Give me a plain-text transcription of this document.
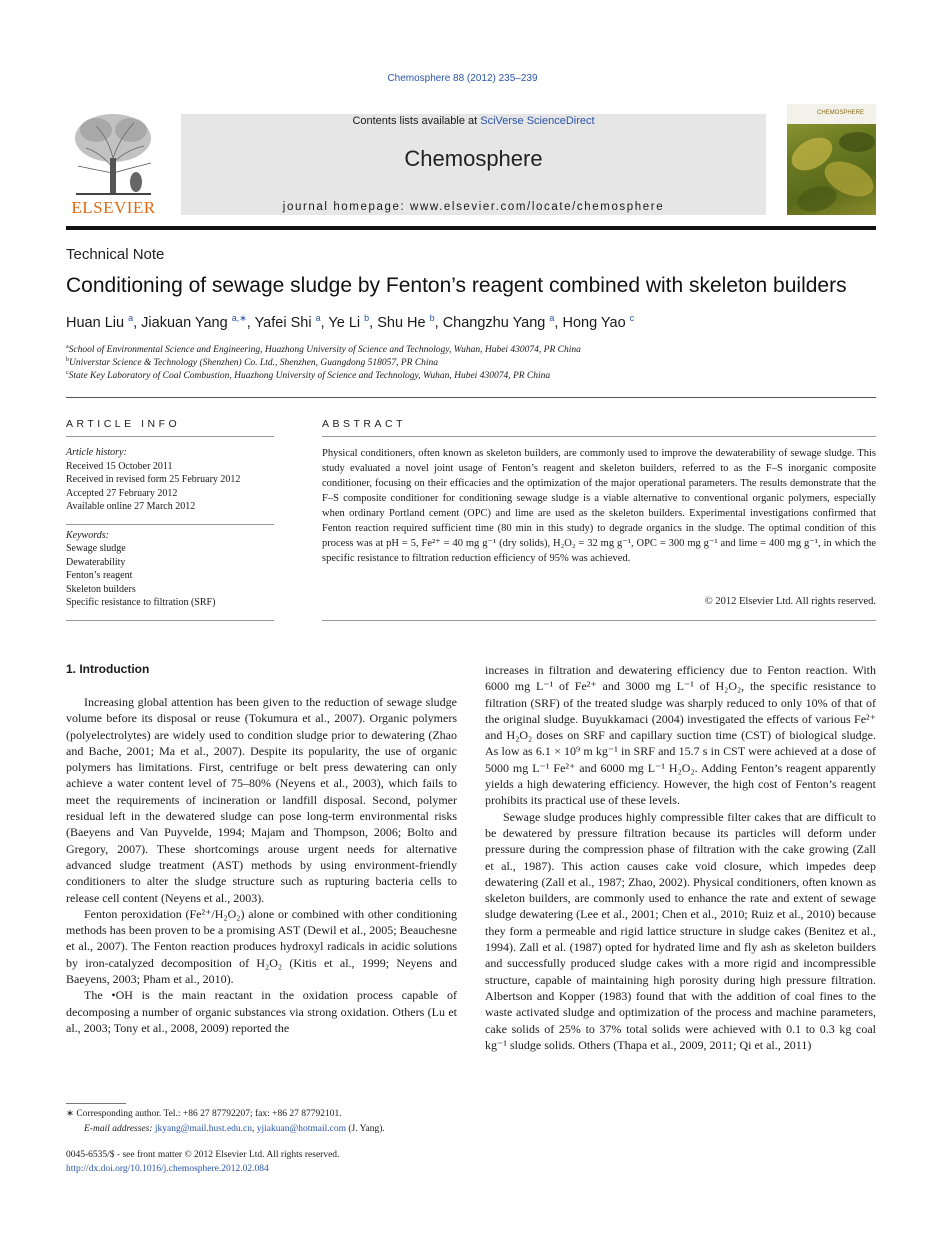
Chemosphere 88 (2012) 235–239
ELSEVIER
Contents lists available at SciVerse ScienceDirect
Chemosphere
journal homepage: www.elsevier.com/locate/chemosphere
CHEMOSPHERE
Technical Note
Conditioning of sewage sludge by Fenton’s reagent combined with skeleton builders
Huan Liu $^a$, Jiakuan Yang $^{a,∗}$, Yafei Shi $^a$, Ye Li $^b$, Shu He $^b$, Changzhu Yang $^a$, Hong Yao $^c$
$^a$School of Environmental Science and Engineering, Huazhong University of Science and Technology, Wuhan, Hubei 430074, PR China
$^b$Universtar Science & Technology (Shenzhen) Co. Ltd., Shenzhen, Guangdong 518057, PR China
$^c$State Key Laboratory of Coal Combustion, Huazhong University of Science and Technology, Wuhan, Hubei 430074, PR China
ARTICLE INFO
Article history:
Received 15 October 2011
Received in revised form 25 February 2012
Accepted 27 February 2012
Available online 27 March 2012
Keywords:
Sewage sludge
Dewaterability
Fenton’s reagent
Skeleton builders
Specific resistance to filtration (SRF)
ABSTRACT
Physical conditioners, often known as skeleton builders, are commonly used to improve the dewaterability of sewage sludge. This study evaluated a novel joint usage of Fenton’s reagent and skeleton builders, referred to as the F–S inorganic composite conditioner, focusing on their efficacies and the optimization of the major operational parameters. The results demonstrate that the F–S composite conditioner for conditioning sewage sludge is a viable alternative to conventional organic polymers, especially when ordinary Portland cement (OPC) and lime are used as the skeleton builders. Experimental investigations confirmed that Fenton reaction required sufficient time (80 min in this study) to degrade organics in the sludge. The optimal condition of this process was at pH = 5, Fe²⁺ = 40 mg g⁻¹ (dry solids), H₂O₂ = 32 mg g⁻¹, OPC = 300 mg g⁻¹ and lime = 400 mg g⁻¹, in which the specific resistance to filtration reduction efficiency of 95% was achieved.
© 2012 Elsevier Ltd. All rights reserved.
1. Introduction

Increasing global attention has been given to the reduction of sewage sludge volume before its disposal or reuse (Tokumura et al., 2007). Organic polymers (polyelectrolytes) are widely used to condition sludge prior to dewatering (Zhao and Bache, 2001; Ma et al., 2007). Despite its popularity, the use of organic polymers has limitations. First, centrifuge or belt press dewatering can only achieve a water content level of 75–80% (Neyens et al., 2003), which fails to meet the requirements of incineration or landfill disposal. Second, polymer residual left in the dewatered sludge can pose long-term environmental risks (Baeyens and Van Puyvelde, 1994; Majam and Thompson, 2006; Bolto and Gregory, 2007). These shortcomings arouse urgent needs for alternative advanced sludge treatment (AST) methods by using environment-friendly conditioners to alter the sludge structure such as rupturing bacteria cells to release cell content (Neyens et al., 2003).

Fenton peroxidation (Fe²⁺/H₂O₂) alone or combined with other conditioning methods has been proven to be a promising AST (Dewil et al., 2005; Beauchesne et al., 2007). The Fenton reaction produces hydroxyl radicals in acidic solutions by iron-catalyzed decomposition of H₂O₂ (Kitis et al., 1999; Neyens and Baeyens, 2003; Pham et al., 2010).

The •OH is the main reactant in the oxidation process capable of decomposing a number of organic substances via strong oxidation. Others (Lu et al., 2003; Tony et al., 2008, 2009) reported the

increases in filtration and dewatering efficiency due to Fenton reaction. With 6000 mg L⁻¹ of Fe²⁺ and 3000 mg L⁻¹ of H₂O₂, the specific resistance to filtration (SRF) of the treated sludge was sharply reduced to only 10% of that of the original sludge. Buyukkamaci (2004) investigated the effects of various Fe²⁺ and H₂O₂ doses on SRF and capillary suction time (CST) of biological sludge. As low as 6.1 × 10⁹ m kg⁻¹ in SRF and 15.7 s in CST were achieved at a dose of 5000 mg L⁻¹ Fe²⁺ and 6000 mg L⁻¹ H₂O₂. Adding Fenton’s reagent apparently yields a high dewatering efficiency. However, the high cost of Fenton’s reagent prohibits its practical use of these levels.

Sewage sludge produces highly compressible filter cakes that are difficult to be dewatered by pressure filtration because its particles will deform under pressure during the compression phase of filtration with the cake growing (Zall et al., 1987). This action causes cake void closure, which impedes deep dewatering (Zall et al., 1987; Zhao, 2002). Physical conditioners, often known as skeleton builders, are commonly used to enhance the rate and extent of sewage sludge dewatering (Lee et al., 2001; Chen et al., 2010; Ruiz et al., 2010) because they form a permeable and rigid lattice structure in sludge cakes (Benitez et al., 1994). Zall et al. (1987) opted for hydrated lime and fly ash as skeleton builders and successfully produced sludge cakes with a more rigid and incompressible structure, capable of maintaining high porosity during high pressure filtration. Albertson and Kopper (1983) found that with the addition of coal fines to the waste activated sludge and optimization of the process and machine parameters, cake solids of 25% to 37% total solids were achieved with 0.1 to 0.3 kg coal kg⁻¹ sludge solids. Others (Thapa et al., 2009, 2011; Qi et al., 2011)

∗ Corresponding author. Tel.: +86 27 87792207; fax: +86 27 87792101.
E-mail addresses: jkyang@mail.hust.edu.cn, yjiakuan@hotmail.com (J. Yang).
0045-6535/$ - see front matter © 2012 Elsevier Ltd. All rights reserved.
http://dx.doi.org/10.1016/j.chemosphere.2012.02.084
